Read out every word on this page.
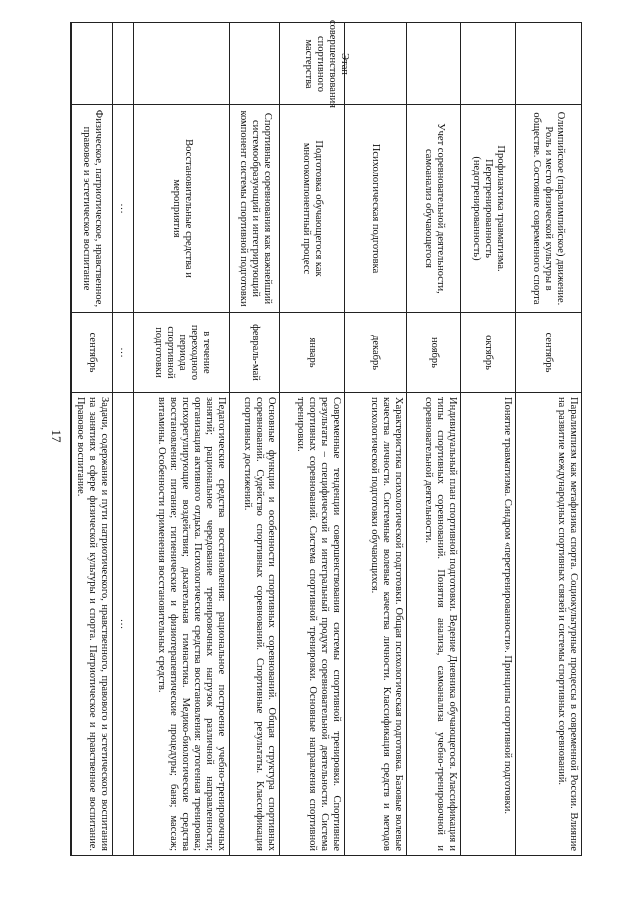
17
Олимпийское (паралимпийское) движение. Роль и место физической культуры в обществе. Состояние современного спорта
сентябрь
Паралимпизм как метафизика спорта. Социокультурные процессы в современной России. Влияние на развитие международных спортивных связей и системы спортивных соревнований.
Профилактика травматизма. Перетренированность (недотренированность)
октябрь
Понятие травматизма. Синдром «перетренированности». Принципы спортивной подготовки.
Учет соревновательной деятельности, самоанализ обучающегося
ноябрь
Индивидуальный план спортивной подготовки. Ведение Дневника обучающегося. Классификация и типы спортивных соревнований. Понятия анализа, самоанализа учебно-тренировочной и соревновательной деятельности.
Психологическая подготовка
декабрь
Характеристика психологической подготовки. Общая психологическая подготовка. Базовые волевые качества личности. Системные волевые качества личности. Классификация средств и методов психологической подготовки обучающихся.
Подготовка обучающегося как многокомпонентный процесс
январь
Современные тенденции совершенствования системы спортивной тренировки. Спортивные результаты – специфический и интегральный продукт соревновательной деятельности. Система спортивных соревнований. Система спортивной тренировки. Основные направления спортивной тренировки.
Спортивные соревнования как важнейший системообразующий и интегрирующий компонент системы спортивной подготовки
февраль-май
Основные функции и особенности спортивных соревнований. Общая структура спортивных соревнований. Судейство спортивных соревнований. Спортивные результаты. Классификация спортивных достижений.
Восстановительные средства и мероприятия
в течение переходного периода спортивной подготовки
Педагогические средства восстановления: рациональное построение учебно-тренировочных занятий; рациональное чередование тренировочных нагрузок различной направленности; организация активного отдыха. Психологические средства восстановления: аутогенная тренировка; психорегулирующие воздействия; дыхательная гимнастика. Медико-биологические средства восстановления: питание; гигиенические и физиотерапевтические процедуры; баня; массаж; витамины. Особенности применения восстановительных средств.
…
…
…
Физическое, патриотическое, нравственное, правовое и эстетическое воспитание
сентябрь
Задачи, содержание и пути патриотического, нравственного, правового и эстетического воспитания на занятиях в сфере физической культуры и спорта. Патриотическое и нравственное воспитание. Правовое воспитание.
Этап совершенствования спортивного мастерства
